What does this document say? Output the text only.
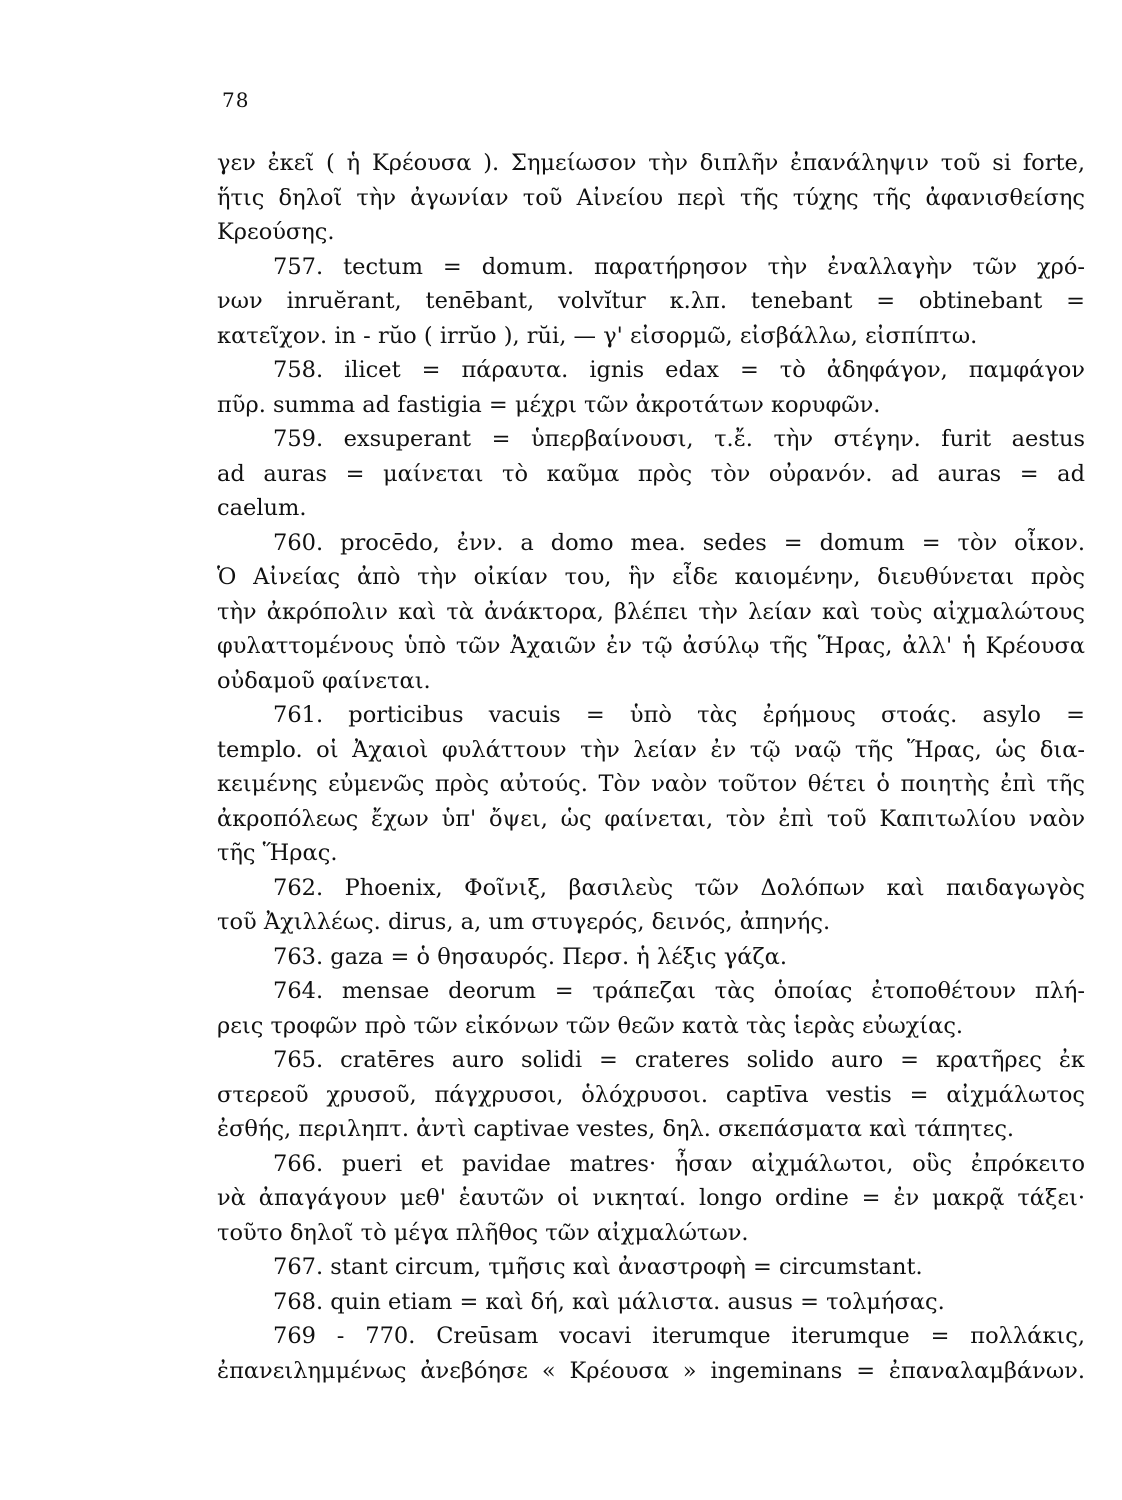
78
γεν ἐκεῖ ( ἡ Κρέουσα ). Σημείωσον τὴν διπλῆν ἐπανάληψιν τοῦ si forte,
ἥτις δηλοῖ τὴν ἀγωνίαν τοῦ Αἰνείου περὶ τῆς τύχης τῆς ἀφανισθείσης
Κρεούσης.
757. tectum = domum. παρατήρησον τὴν ἐναλλαγὴν τῶν χρό-
νων inruĕrant, tenēbant, volvĭtur κ.λπ. tenebant = obtinebant =
κατεῖχον. in - rŭo ( irrŭo ), rŭi, — γ' εἰσορμῶ, εἰσβάλλω, εἰσπίπτω.
758. ilicet = πάραυτα. ignis edax = τὸ ἀδηφάγον, παμφάγον
πῦρ. summa ad fastigia = μέχρι τῶν ἀκροτάτων κορυφῶν.
759. exsuperant = ὑπερβαίνουσι, τ.ἔ. τὴν στέγην. furit aestus
ad auras = μαίνεται τὸ καῦμα πρὸς τὸν οὐρανόν. ad auras = ad
caelum.
760. procēdo, ἐνν. a domo mea. sedes = domum = τὸν οἶκον.
Ὁ Αἰνείας ἀπὸ τὴν οἰκίαν του, ἣν εἶδε καιομένην, διευθύνεται πρὸς
τὴν ἀκρόπολιν καὶ τὰ ἀνάκτορα, βλέπει τὴν λείαν καὶ τοὺς αἰχμαλώτους
φυλαττομένους ὑπὸ τῶν Ἀχαιῶν ἐν τῷ ἀσύλῳ τῆς Ἥρας, ἀλλ' ἡ Κρέουσα
οὐδαμοῦ φαίνεται.
761. porticibus vacuis = ὑπὸ τὰς ἐρήμους στοάς. asylo =
templo. οἱ Ἀχαιοὶ φυλάττουν τὴν λείαν ἐν τῷ ναῷ τῆς Ἥρας, ὡς δια-
κειμένης εὐμενῶς πρὸς αὐτούς. Τὸν ναὸν τοῦτον θέτει ὁ ποιητὴς ἐπὶ τῆς
ἀκροπόλεως ἔχων ὑπ' ὄψει, ὡς φαίνεται, τὸν ἐπὶ τοῦ Καπιτωλίου ναὸν
τῆς Ἥρας.
762. Phoenix, Φοῖνιξ, βασιλεὺς τῶν Δολόπων καὶ παιδαγωγὸς
τοῦ Ἀχιλλέως. dirus, a, um στυγερός, δεινός, ἀπηνής.
763. gaza = ὁ θησαυρός. Περσ. ἡ λέξις γάζα.
764. mensae deorum = τράπεζαι τὰς ὁποίας ἐτοποθέτουν πλή-
ρεις τροφῶν πρὸ τῶν εἰκόνων τῶν θεῶν κατὰ τὰς ἱερὰς εὐωχίας.
765. cratēres auro solidi = crateres solido auro = κρατῆρες ἐκ
στερεοῦ χρυσοῦ, πάγχρυσοι, ὁλόχρυσοι. captīva vestis = αἰχμάλωτος
ἐσθής, περιληπτ. ἀντὶ captivae vestes, δηλ. σκεπάσματα καὶ τάπητες.
766. pueri et pavidae matres· ἦσαν αἰχμάλωτοι, οὓς ἐπρόκειτο
νὰ ἀπαγάγουν μεθ' ἑαυτῶν οἱ νικηταί. longo ordine = ἐν μακρᾷ τάξει·
τοῦτο δηλοῖ τὸ μέγα πλῆθος τῶν αἰχμαλώτων.
767. stant circum, τμῆσις καὶ ἀναστροφὴ = circumstant.
768. quin etiam = καὶ δή, καὶ μάλιστα. ausus = τολμήσας.
769 - 770. Creūsam vocavi iterumque iterumque = πολλάκις,
ἐπανειλημμένως ἀνεβόησε « Κρέουσα » ingeminans = ἐπαναλαμβάνων.
